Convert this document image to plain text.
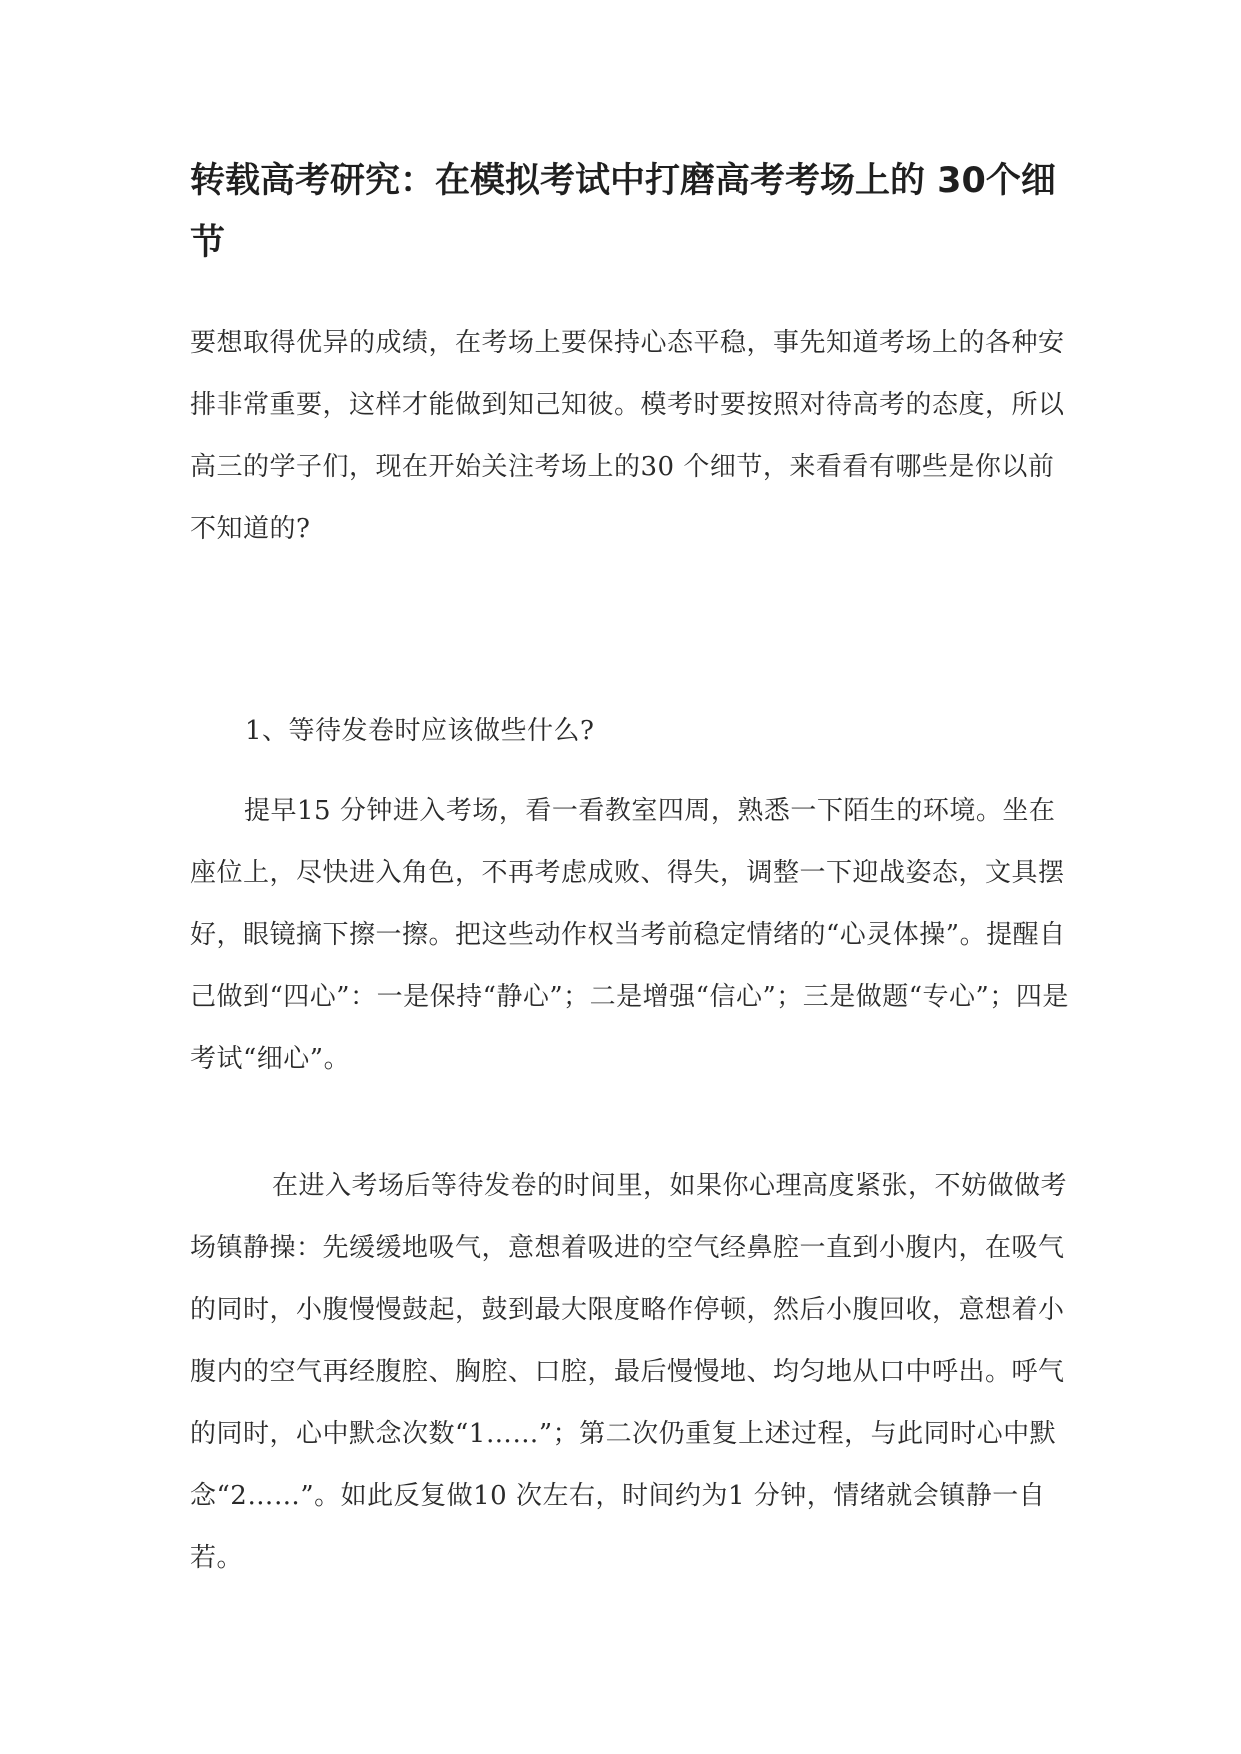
转载高考研究：在模拟考试中打磨高考考场上的 30个细节

要想取得优异的成绩，在考场上要保持心态平稳，事先知道考场上的各种安排非常重要，这样才能做到知己知彼。模考时要按照对待高考的态度，所以高三的学子们，现在开始关注考场上的30 个细节，来看看有哪些是你以前不知道的?

1、等待发卷时应该做些什么?

提早15 分钟进入考场，看一看教室四周，熟悉一下陌生的环境。坐在座位上，尽快进入角色，不再考虑成败、得失，调整一下迎战姿态，文具摆好，眼镜摘下擦一擦。把这些动作权当考前稳定情绪的“心灵体操”。提醒自己做到“四心”：一是保持“静心”；二是增强“信心”；三是做题“专心”；四是考试“细心”。

在进入考场后等待发卷的时间里，如果你心理高度紧张，不妨做做考场镇静操：先缓缓地吸气，意想着吸进的空气经鼻腔一直到小腹内，在吸气的同时，小腹慢慢鼓起，鼓到最大限度略作停顿，然后小腹回收，意想着小腹内的空气再经腹腔、胸腔、口腔，最后慢慢地、均匀地从口中呼出。呼气的同时，心中默念次数“1……”；第二次仍重复上述过程，与此同时心中默念“2……”。如此反复做10 次左右，时间约为1 分钟，情绪就会镇静一自若。
